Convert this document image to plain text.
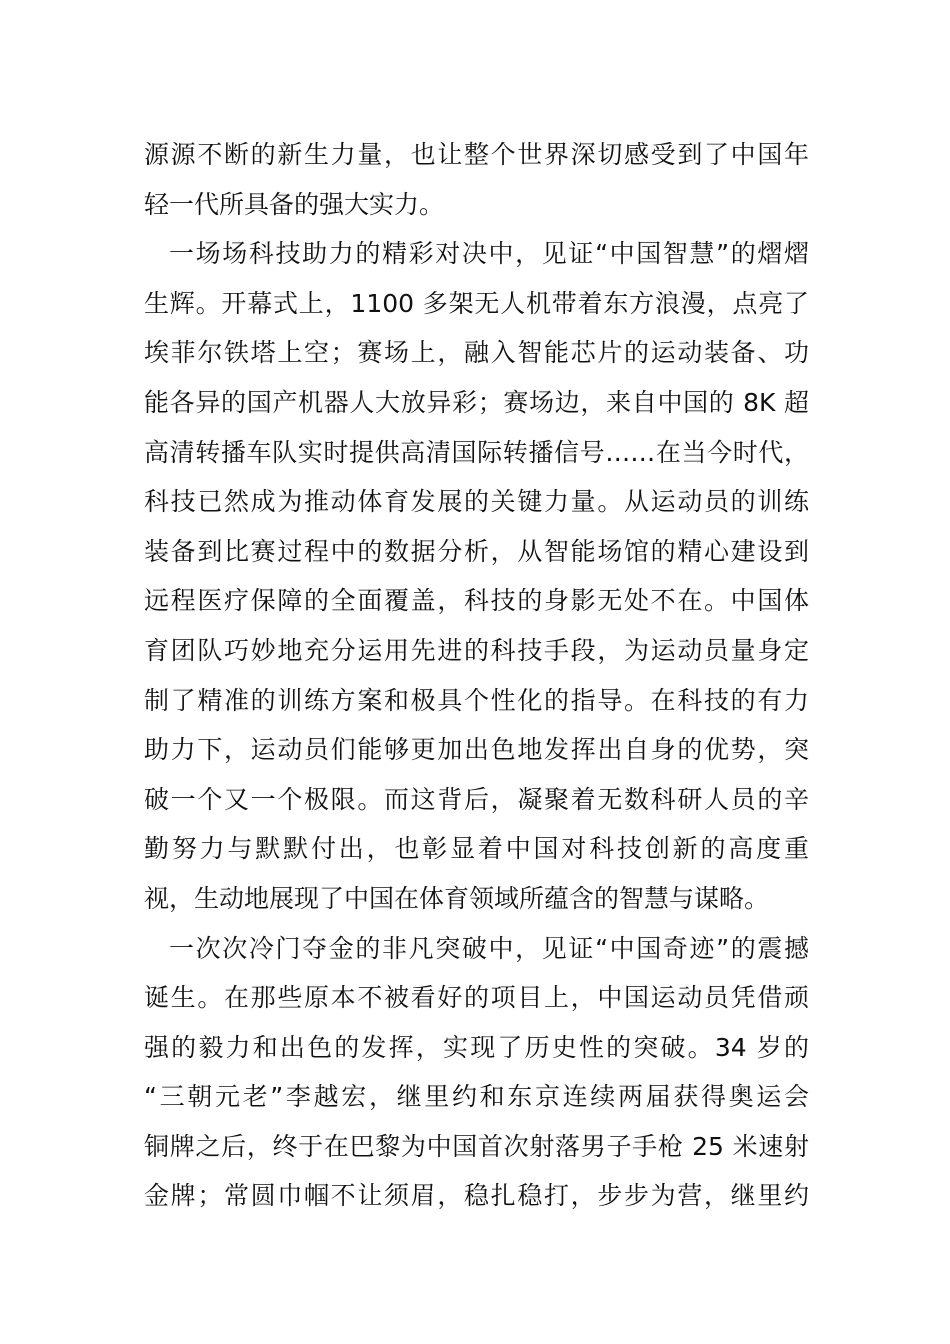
源源不断的新生力量，也让整个世界深切感受到了中国年
轻一代所具备的强大实力。
一场场科技助力的精彩对决中，见证“中国智慧”的熠熠
生辉。开幕式上，1100 多架无人机带着东方浪漫，点亮了
埃菲尔铁塔上空；赛场上，融入智能芯片的运动装备、功
能各异的国产机器人大放异彩；赛场边，来自中国的 8K 超
高清转播车队实时提供高清国际转播信号……在当今时代，
科技已然成为推动体育发展的关键力量。从运动员的训练
装备到比赛过程中的数据分析，从智能场馆的精心建设到
远程医疗保障的全面覆盖，科技的身影无处不在。中国体
育团队巧妙地充分运用先进的科技手段，为运动员量身定
制了精准的训练方案和极具个性化的指导。在科技的有力
助力下，运动员们能够更加出色地发挥出自身的优势，突
破一个又一个极限。而这背后，凝聚着无数科研人员的辛
勤努力与默默付出，也彰显着中国对科技创新的高度重
视，生动地展现了中国在体育领域所蕴含的智慧与谋略。
一次次冷门夺金的非凡突破中，见证“中国奇迹”的震撼
诞生。在那些原本不被看好的项目上，中国运动员凭借顽
强的毅力和出色的发挥，实现了历史性的突破。34 岁的
“三朝元老”李越宏，继里约和东京连续两届获得奥运会
铜牌之后，终于在巴黎为中国首次射落男子手枪 25 米速射
金牌；常圆巾帼不让须眉，稳扎稳打，步步为营，继里约
